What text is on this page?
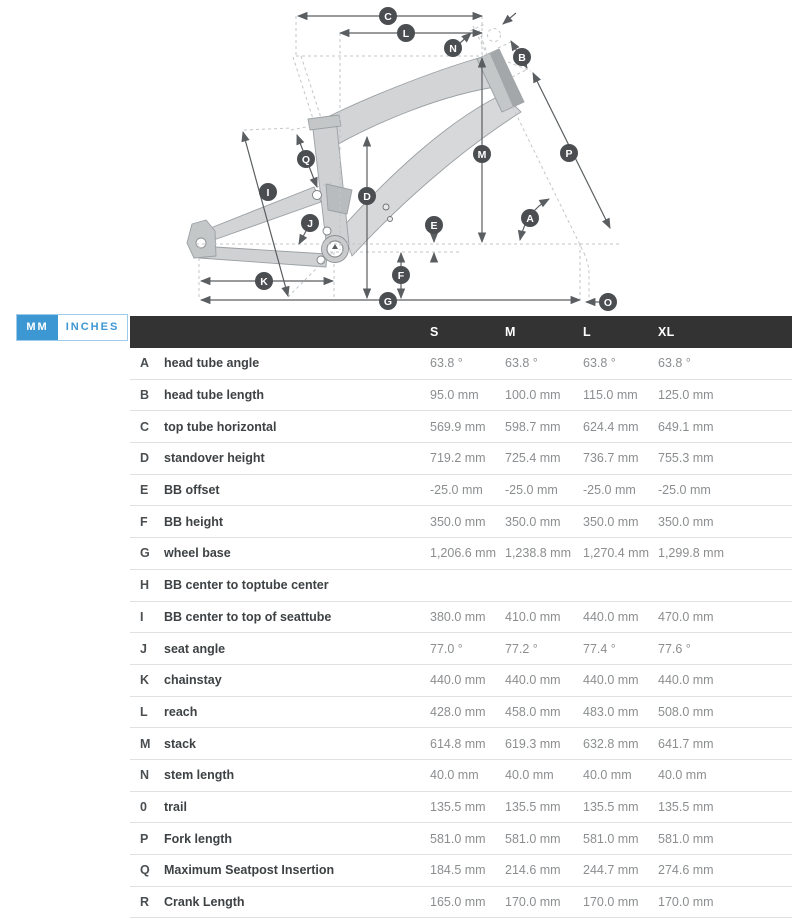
C
L
N
B
M	P
A
D
E
F
G
K
I
J
Q
O
MM	INCHES	S	M	L	XL
A	head tube angle	63.8 °	63.8 °	63.8 °	63.8 °
B	head tube length	95.0 mm	100.0 mm	115.0 mm	125.0 mm
C	top tube horizontal	569.9 mm	598.7 mm	624.4 mm	649.1 mm
D	standover height	719.2 mm	725.4 mm	736.7 mm	755.3 mm
E	BB offset	-25.0 mm	-25.0 mm	-25.0 mm	-25.0 mm
F	BB height	350.0 mm	350.0 mm	350.0 mm	350.0 mm
G	wheel base	1,206.6 mm 1,238.8 mm 1,270.4 mm 1,299.8 mm
H	BB center to toptube center
I	BB center to top of seattube	380.0 mm	410.0 mm	440.0 mm	470.0 mm
J	seat angle	77.0 °	77.2 °	77.4 °	77.6 °
K	chainstay	440.0 mm	440.0 mm	440.0 mm	440.0 mm
L	reach	428.0 mm	458.0 mm	483.0 mm	508.0 mm
M	stack	614.8 mm	619.3 mm	632.8 mm	641.7 mm
N	stem length	40.0 mm	40.0 mm	40.0 mm	40.0 mm
0	trail	135.5 mm	135.5 mm	135.5 mm	135.5 mm
P	Fork length	581.0 mm	581.0 mm	581.0 mm	581.0 mm
Q	Maximum Seatpost Insertion	184.5 mm	214.6 mm	244.7 mm	274.6 mm
R	Crank Length	165.0 mm	170.0 mm	170.0 mm	170.0 mm
